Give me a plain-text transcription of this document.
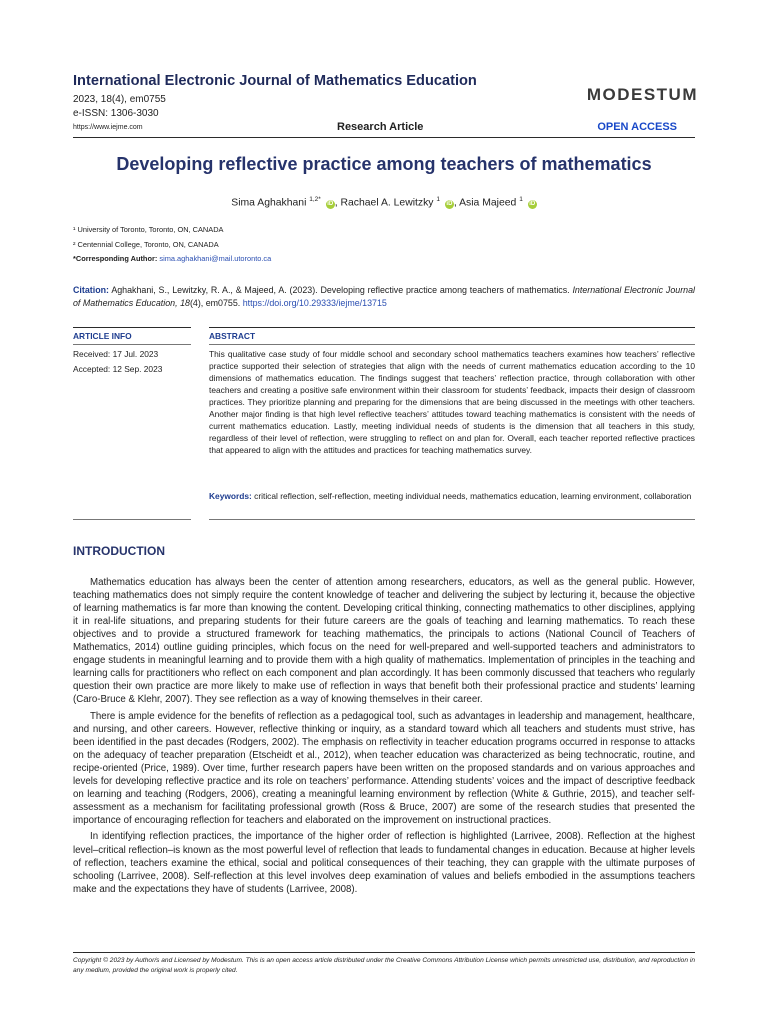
International Electronic Journal of Mathematics Education
2023, 18(4), em0755
e-ISSN: 1306-3030
https://www.iejme.com
MODESTUM
Research Article	OPEN ACCESS
Developing reflective practice among teachers of mathematics
Sima Aghakhani $^{1,2*}$ iD , Rachael A. Lewitzky $^1$ iD , Asia Majeed $^1$ iD
¹ University of Toronto, Toronto, ON, CANADA
² Centennial College, Toronto, ON, CANADA
*Corresponding Author: sima.aghakhani@mail.utoronto.ca
Citation: Aghakhani, S., Lewitzky, R. A., & Majeed, A. (2023). Developing reflective practice among teachers of mathematics. International Electronic Journal of Mathematics Education, 18(4), em0755. https://doi.org/10.29333/iejme/13715
ARTICLE INFO	ABSTRACT
Received: 17 Jul. 2023
Accepted: 12 Sep. 2023
This qualitative case study of four middle school and secondary school mathematics teachers examines how teachers’ reflective practice supported their selection of strategies that align with the needs of current mathematics education according to the 10 dimensions of mathematics education. The findings suggest that teachers’ reflection practice, through collaboration with other teachers and creating a positive safe environment within their classroom for students’ feedback, impacts their design of classroom practices. They prioritize planning and preparing for the dimensions that are being discussed in the meetings with other teachers. Another major finding is that high level reflective teachers’ attitudes toward teaching mathematics is consistent with the needs of current mathematics education. Lastly, meeting individual needs of students is the dimension that all teachers in this study, regardless of their level of reflection, were struggling to reflect on and plan for. Overall, each teacher reported reflective practices that appeared to align with the attitudes and practices for teaching mathematics survey.
Keywords: critical reflection, self-reflection, meeting individual needs, mathematics education, learning environment, collaboration
INTRODUCTION

Mathematics education has always been the center of attention among researchers, educators, as well as the general public. However, teaching mathematics does not simply require the content knowledge of teacher and delivering the subject by lecturing it, because the objective of learning mathematics is far more than knowing the content. Developing critical thinking, connecting mathematics to other disciplines, applying it in real-life situations, and preparing students for their future careers are the goals of teaching and learning mathematics. To reach these objectives and to provide a structured framework for teaching mathematics, the principals to actions (National Council of Teachers of Mathematics, 2014) outline guiding principles, which focus on the need for well-prepared and well-supported teachers and administrators to engage students in meaningful learning and to provide them with a high quality of mathematics. Implementation of principles in the teaching and learning calls for practitioners who reflect on each component and plan accordingly. It has been commonly discussed that teachers who regularly question their own practice are more likely to make use of reflection in ways that benefit both their professional practice and students’ learning (Caro-Bruce & Klehr, 2007). They see reflection as a way of knowing themselves in their career.

There is ample evidence for the benefits of reflection as a pedagogical tool, such as advantages in leadership and management, healthcare, and nursing, and other careers. However, reflective thinking or inquiry, as a standard toward which all teachers and students must strive, has been identified in the past decades (Rodgers, 2002). The emphasis on reflectivity in teacher education programs occurred in response to attacks on the adequacy of teacher preparation (Etscheidt et al., 2012), when teacher education was characterized as being technocratic, routine, and recipe-oriented (Price, 1989). Over time, further research papers have been written on the proposed standards and on various approaches and levels for developing reflective practice and its role on teachers’ performance. Attending students’ voices and the impact of descriptive feedback on learning and teaching (Rodgers, 2006), creating a meaningful learning environment by reflection (White & Guthrie, 2015), and teacher self-assessment as a mechanism for facilitating professional growth (Ross & Bruce, 2007) are some of the research studies that presented the importance of encouraging reflection for teachers and elaborated on the improvement on instructional practices.

In identifying reflection practices, the importance of the higher order of reflection is highlighted (Larrivee, 2008). Reflection at the highest level–critical reflection–is known as the most powerful level of reflection that leads to fundamental changes in education. Because at higher levels of reflection, teachers examine the ethical, social and political consequences of their teaching, they can grapple with the ultimate purposes of schooling (Larrivee, 2008). Self-reflection at this level involves deep examination of values and beliefs embodied in the assumptions teachers make and the expectations they have of students (Larrivee, 2008).

Copyright © 2023 by Author/s and Licensed by Modestum. This is an open access article distributed under the Creative Commons Attribution License which permits unrestricted use, distribution, and reproduction in any medium, provided the original work is properly cited.
